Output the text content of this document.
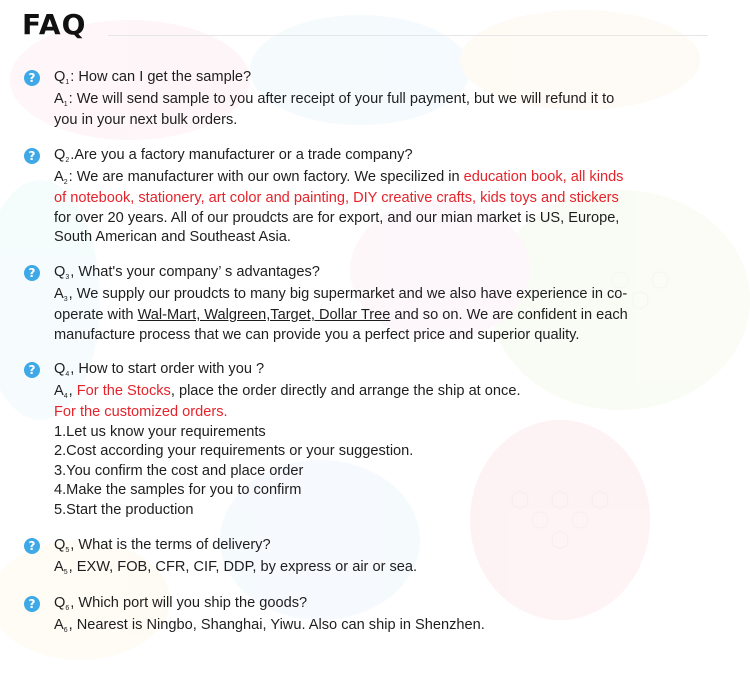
FAQ
?	$Q_1$: How can I get the sample?
$A_1$: We will send sample to you after receipt of your full payment, but we will refund it to
you in your next bulk orders.
?	$Q_2.Are$ you a factory manufacturer or a trade company?
$A_2$: We are manufacturer with our own factory. We specilized in education book, all kinds
of notebook, stationery, art color and painting, DIY creative crafts, kids toys and stickers
for over 20 years. All of our proudcts are for export, and our mian market is US, Europe,
South American and Southeast Asia.
?	$Q_3$, What's your company’ s advantages?
$A_3$, We supply our proudcts to many big supermarket and we also have experience in co-
operate with Wal-Mart, Walgreen,Target, Dollar Tree and so on. We are confident in each
manufacture process that we can provide you a perfect price and superior quality.
?	$Q_4$, How to start order with you ?
$A_4$, For the Stocks, place the order directly and arrange the ship at once.
For the customized orders.
1.Let us know your requirements
2.Cost according your requirements or your suggestion.
3.You confirm the cost and place order
4.Make the samples for you to confirm
5.Start the production
?	$Q_5$, What is the terms of delivery?
$A_5$, EXW, FOB, CFR, CIF, DDP, by express or air or sea.
?	$Q_6$, Which port will you ship the goods?
$A_6$, Nearest is Ningbo, Shanghai, Yiwu. Also can ship in Shenzhen.
